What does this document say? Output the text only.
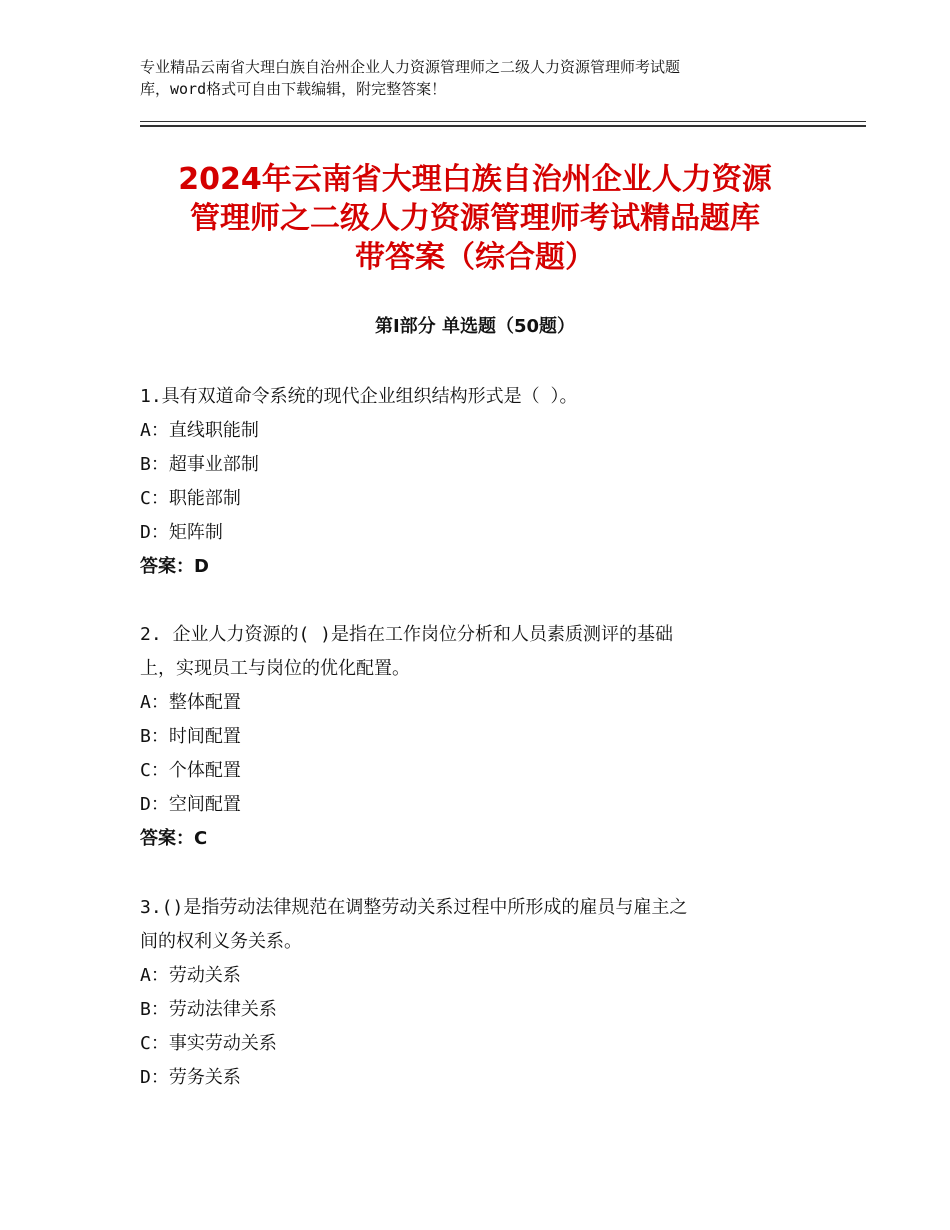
专业精品云南省大理白族自治州企业人力资源管理师之二级人力资源管理师考试题
库，word格式可自由下载编辑，附完整答案！
2024年云南省大理白族自治州企业人力资源
管理师之二级人力资源管理师考试精品题库
带答案（综合题）
第Ⅰ部分 单选题（50题）
1.具有双道命令系统的现代企业组织结构形式是（ ）。
A：直线职能制
B：超事业部制
C：职能部制
D：矩阵制
答案：D
2. 企业人力资源的( )是指在工作岗位分析和人员素质测评的基础
上，实现员工与岗位的优化配置。
A：整体配置
B：时间配置
C：个体配置
D：空间配置
答案：C
3.()是指劳动法律规范在调整劳动关系过程中所形成的雇员与雇主之
间的权利义务关系。
A：劳动关系
B：劳动法律关系
C：事实劳动关系
D：劳务关系
